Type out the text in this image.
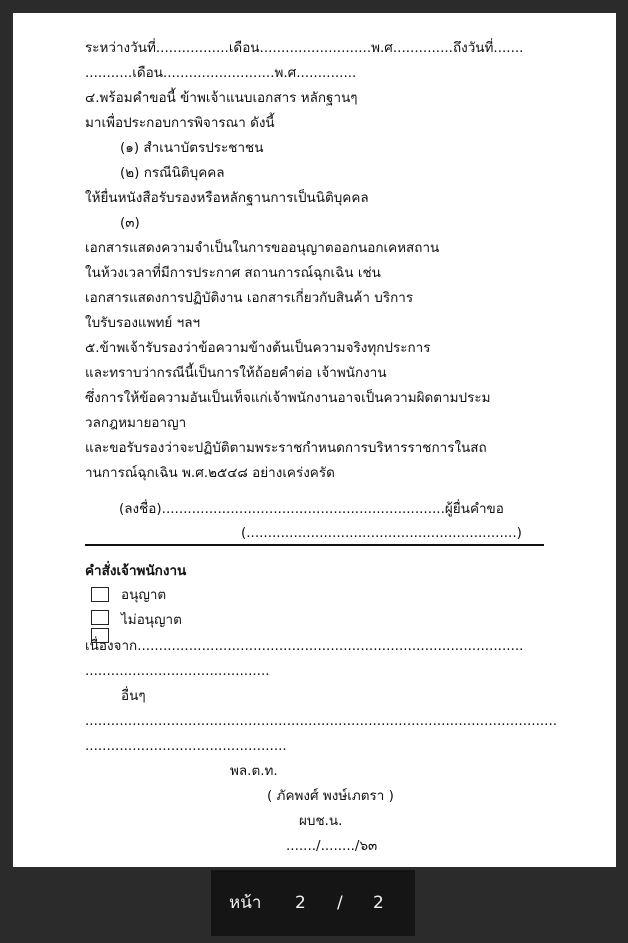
ระหว่างวันที่.................เดือน..........................พ.ศ..............ถึงวันที่.......
...........เดือน..........................พ.ศ..............
๔.พร้อมคำขอนี้ ข้าพเจ้าแนบเอกสาร หลักฐานๆ
มาเพื่อประกอบการพิจารณา ดังนี้
(๑) สำเนาบัตรประชาชน
(๒) กรณีนิติบุคคล
ให้ยื่นหนังสือรับรองหรือหลักฐานการเป็นนิติบุคคล
(๓)
เอกสารแสดงความจำเป็นในการขออนุญาตออกนอกเคหสถาน
ในห้วงเวลาที่มีการประกาศ สถานการณ์ฉุกเฉิน เช่น
เอกสารแสดงการปฏิบัติงาน เอกสารเกี่ยวกับสินค้า บริการ
ใบรับรองแพทย์ ฯลฯ
๕.ข้าพเจ้ารับรองว่าข้อความข้างต้นเป็นความจริงทุกประการ
และทราบว่ากรณีนี้เป็นการให้ถ้อยคำต่อ เจ้าพนักงาน
ซึ่งการให้ข้อความอันเป็นเท็จแก่เจ้าพนักงานอาจเป็นความผิดตามประม
วลกฎหมายอาญา
และขอรับรองว่าจะปฏิบัติตามพระราชกำหนดการบริหารราชการในสถ
านการณ์ฉุกเฉิน พ.ศ.๒๕๔๘ อย่างเคร่งครัด
(ลงชื่อ)..................................................................ผู้ยื่นคำขอ
(...............................................................)
คำสั่งเจ้าพนักงาน
อนุญาต
ไม่อนุญาต
เนื่องจาก..........................................................................................
...........................................
อื่นๆ
..............................................................................................................
...............................................
พล.ต.ท.
( ภัคพงศ์ พงษ์เภตรา )
ผบช.น.
......./......../๖๓
หน้า 2 / 2
